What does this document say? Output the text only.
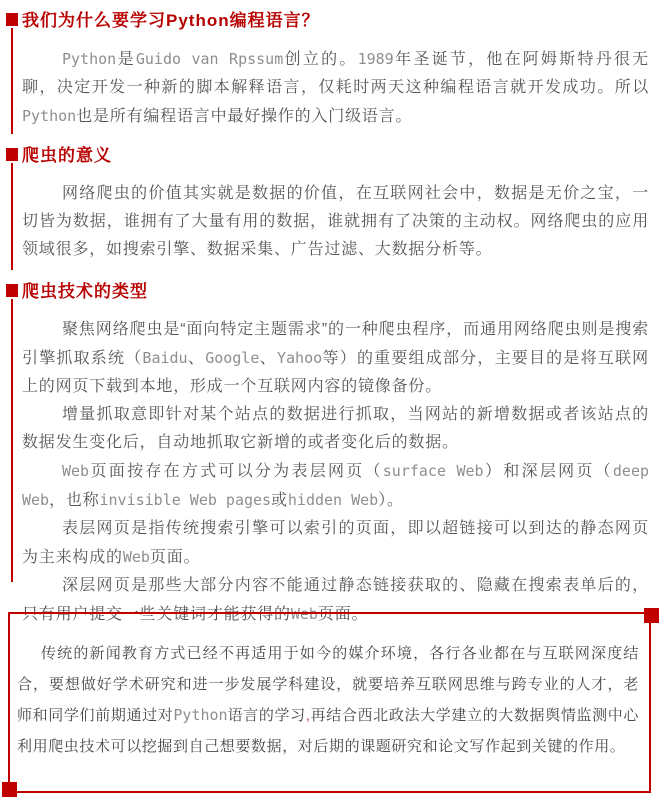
我们为什么要学习Python编程语言？

Python是Guido van Rpssum创立的。1989年圣诞节，他在阿姆斯特丹很无聊，决定开发一种新的脚本解释语言，仅耗时两天这种编程语言就开发成功。所以Python也是所有编程语言中最好操作的入门级语言。

爬虫的意义

网络爬虫的价值其实就是数据的价值，在互联网社会中，数据是无价之宝，一切皆为数据，谁拥有了大量有用的数据，谁就拥有了决策的主动权。网络爬虫的应用领域很多，如搜索引擎、数据采集、广告过滤、大数据分析等。

爬虫技术的类型

聚焦网络爬虫是“面向特定主题需求”的一种爬虫程序，而通用网络爬虫则是搜索引擎抓取系统（Baidu、Google、Yahoo等）的重要组成部分，主要目的是将互联网上的网页下载到本地，形成一个互联网内容的镜像备份。

增量抓取意即针对某个站点的数据进行抓取，当网站的新增数据或者该站点的数据发生变化后，自动地抓取它新增的或者变化后的数据。

Web页面按存在方式可以分为表层网页（surface Web）和深层网页（deep Web，也称invisible Web pages或hidden Web）。

表层网页是指传统搜索引擎可以索引的页面，即以超链接可以到达的静态网页为主来构成的Web页面。

深层网页是那些大部分内容不能通过静态链接获取的、隐藏在搜索表单后的，只有用户提交一些关键词才能获得的Web页面。

传统的新闻教育方式已经不再适用于如今的媒介环境，各行各业都在与互联网深度结合，要想做好学术研究和进一步发展学科建设，就要培养互联网思维与跨专业的人才，老师和同学们前期通过对Python语言的学习,再结合西北政法大学建立的大数据舆情监测中心利用爬虫技术可以挖掘到自己想要数据，对后期的课题研究和论文写作起到关键的作用。
